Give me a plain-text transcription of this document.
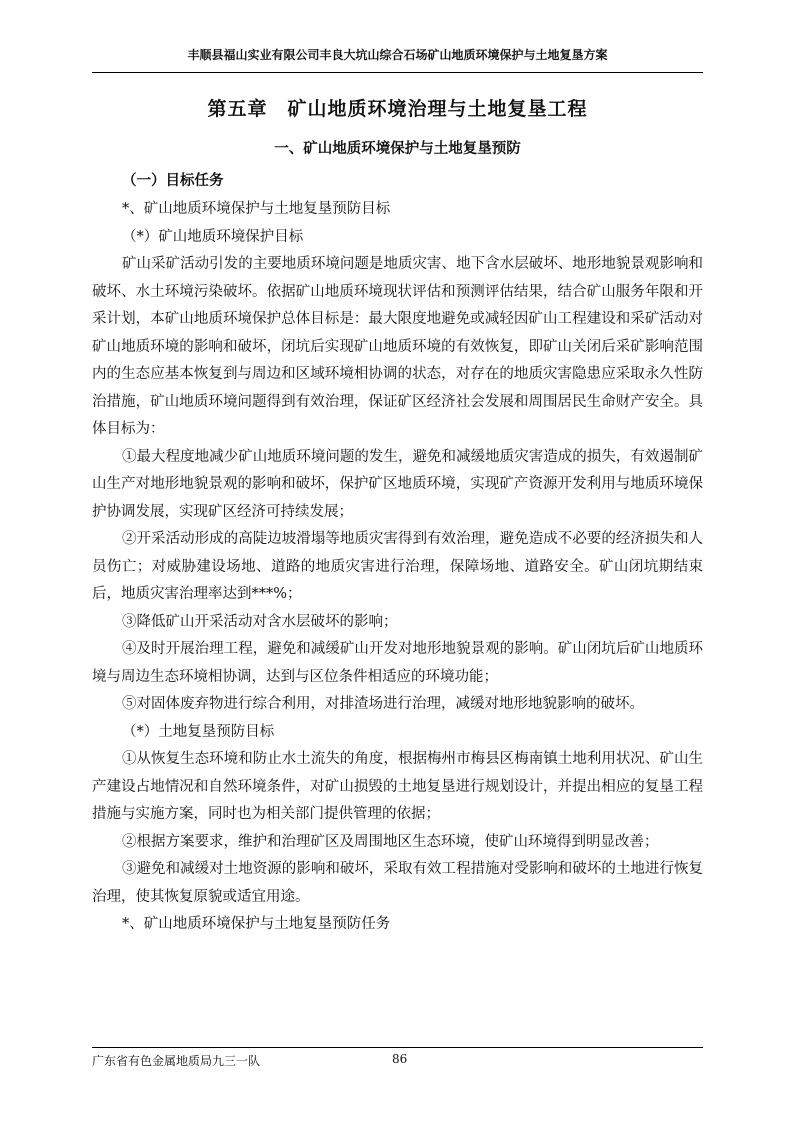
丰顺县福山实业有限公司丰良大坑山综合石场矿山地质环境保护与土地复垦方案
第五章　矿山地质环境治理与土地复垦工程
一、矿山地质环境保护与土地复垦预防
（一）目标任务

*、矿山地质环境保护与土地复垦预防目标

（*）矿山地质环境保护目标

矿山采矿活动引发的主要地质环境问题是地质灾害、地下含水层破坏、地形地貌景观影响和破坏、水土环境污染破坏。依据矿山地质环境现状评估和预测评估结果，结合矿山服务年限和开采计划，本矿山地质环境保护总体目标是：最大限度地避免或减轻因矿山工程建设和采矿活动对矿山地质环境的影响和破坏，闭坑后实现矿山地质环境的有效恢复，即矿山关闭后采矿影响范围内的生态应基本恢复到与周边和区域环境相协调的状态，对存在的地质灾害隐患应采取永久性防治措施，矿山地质环境问题得到有效治理，保证矿区经济社会发展和周围居民生命财产安全。具体目标为：

①最大程度地减少矿山地质环境问题的发生，避免和减缓地质灾害造成的损失，有效遏制矿山生产对地形地貌景观的影响和破坏，保护矿区地质环境，实现矿产资源开发利用与地质环境保护协调发展，实现矿区经济可持续发展；

②开采活动形成的高陡边坡滑塌等地质灾害得到有效治理，避免造成不必要的经济损失和人员伤亡；对威胁建设场地、道路的地质灾害进行治理，保障场地、道路安全。矿山闭坑期结束后，地质灾害治理率达到***%；

③降低矿山开采活动对含水层破坏的影响；

④及时开展治理工程，避免和减缓矿山开发对地形地貌景观的影响。矿山闭坑后矿山地质环境与周边生态环境相协调，达到与区位条件相适应的环境功能；

⑤对固体废弃物进行综合利用，对排渣场进行治理，减缓对地形地貌影响的破坏。

（*）土地复垦预防目标

①从恢复生态环境和防止水土流失的角度，根据梅州市梅县区梅南镇土地利用状况、矿山生产建设占地情况和自然环境条件，对矿山损毁的土地复垦进行规划设计，并提出相应的复垦工程措施与实施方案，同时也为相关部门提供管理的依据；

②根据方案要求，维护和治理矿区及周围地区生态环境，使矿山环境得到明显改善；

③避免和减缓对土地资源的影响和破坏，采取有效工程措施对受影响和破坏的土地进行恢复治理，使其恢复原貌或适宜用途。

*、矿山地质环境保护与土地复垦预防任务

广东省有色金属地质局九三一队	86
